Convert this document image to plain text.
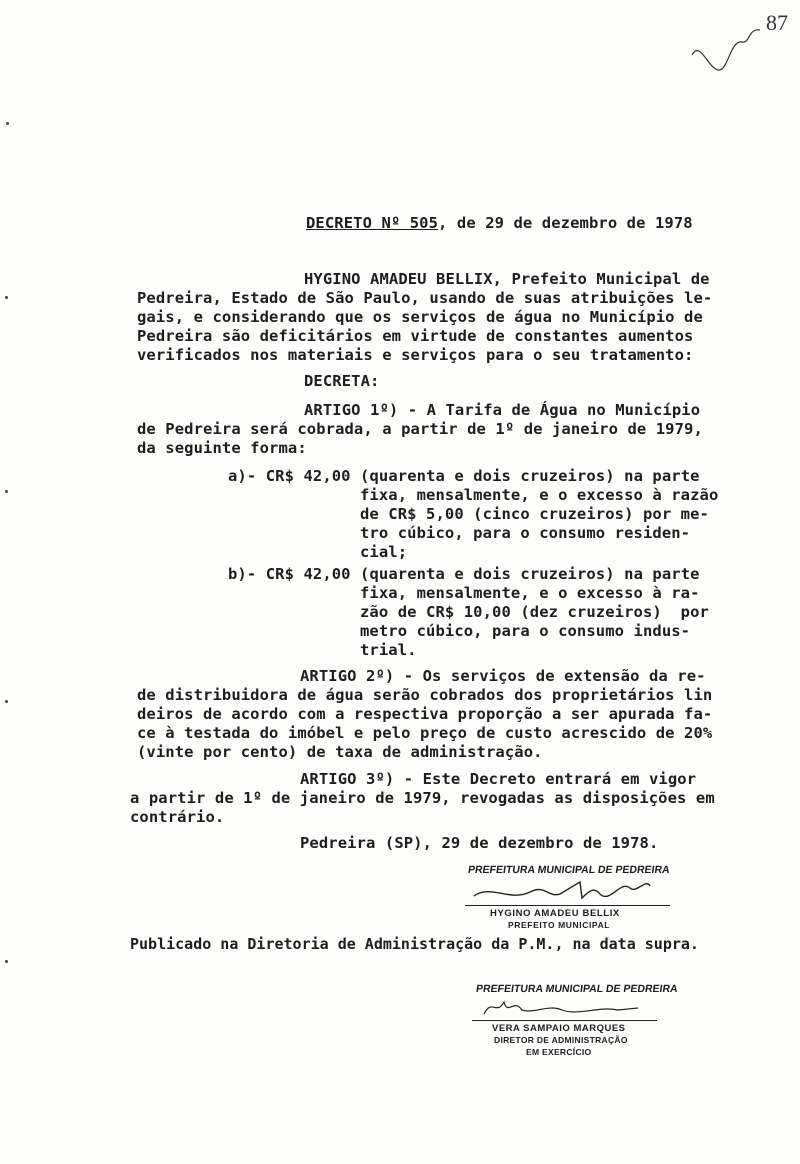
87
DECRETO Nº 505, de 29 de dezembro de 1978
HYGINO AMADEU BELLIX, Prefeito Municipal de
Pedreira, Estado de São Paulo, usando de suas atribuições le-
gais, e considerando que os serviços de água no Município de
Pedreira são deficitários em virtude de constantes aumentos
verificados nos materiais e serviços para o seu tratamento:
DECRETA:
ARTIGO 1º) - A Tarifa de Água no Município
de Pedreira será cobrada, a partir de 1º de janeiro de 1979,
da seguinte forma:
a)- CR$ 42,00 (quarenta e dois cruzeiros) na parte
fixa, mensalmente, e o excesso à razão
de CR$ 5,00 (cinco cruzeiros) por me-
tro cúbico, para o consumo residen-
cial;
b)- CR$ 42,00 (quarenta e dois cruzeiros) na parte
fixa, mensalmente, e o excesso à ra-
zão de CR$ 10,00 (dez cruzeiros)  por
metro cúbico, para o consumo indus-
trial.
ARTIGO 2º) - Os serviços de extensão da re-
de distribuidora de água serão cobrados dos proprietários lin
deiros de acordo com a respectiva proporção a ser apurada fa-
ce à testada do imóbel e pelo preço de custo acrescido de 20%
(vinte por cento) de taxa de administração.
ARTIGO 3º) - Este Decreto entrará em vigor
a partir de 1º de janeiro de 1979, revogadas as disposições em
contrário.
Pedreira (SP), 29 de dezembro de 1978.
PREFEITURA MUNICIPAL DE PEDREIRA
HYGINO AMADEU BELLIX
PREFEITO MUNICIPAL
Publicado na Diretoria de Administração da P.M., na data supra.
PREFEITURA MUNICIPAL DE PEDREIRA
VERA SAMPAIO MARQUES
DIRETOR DE ADMINISTRAÇÃO
EM EXERCÍCIO
